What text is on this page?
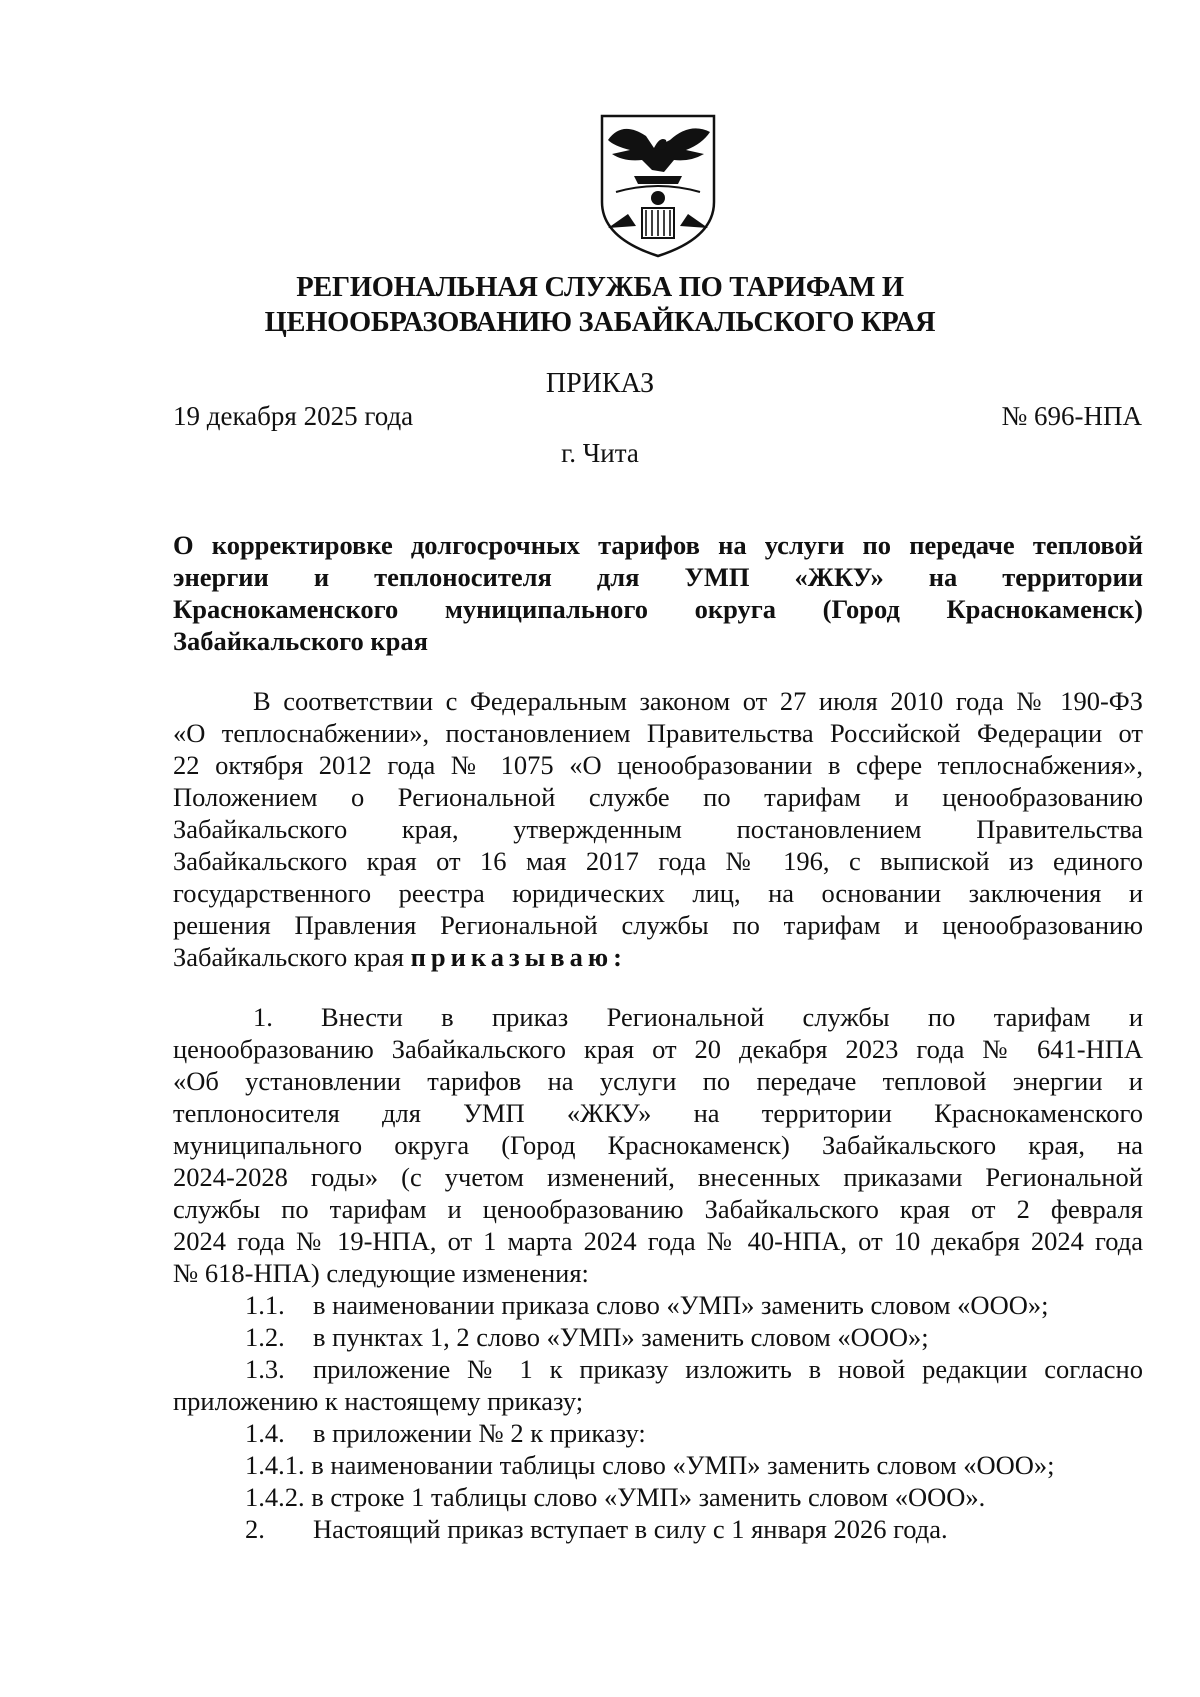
РЕГИОНАЛЬНАЯ СЛУЖБА ПО ТАРИФАМ И
ЦЕНООБРАЗОВАНИЮ ЗАБАЙКАЛЬСКОГО КРАЯ
ПРИКАЗ
19 декабря 2025 года	№ 696-НПА
г. Чита
О корректировке долгосрочных тарифов на услуги по передаче тепловой
энергии и теплоносителя для УМП «ЖКУ» на территории
Краснокаменского муниципального округа (Город Краснокаменск)
Забайкальского края
В соответствии с Федеральным законом от 27 июля 2010 года № 190-ФЗ
«О теплоснабжении», постановлением Правительства Российской Федерации от
22 октября 2012 года № 1075 «О ценообразовании в сфере теплоснабжения»,
Положением о Региональной службе по тарифам и ценообразованию
Забайкальского края, утвержденным постановлением Правительства
Забайкальского края от 16 мая 2017 года № 196, с выпиской из единого
государственного реестра юридических лиц, на основании заключения и
решения Правления Региональной службы по тарифам и ценообразованию
Забайкальского края приказываю:
1. Внести в приказ Региональной службы по тарифам и
ценообразованию Забайкальского края от 20 декабря 2023 года № 641-НПА
«Об установлении тарифов на услуги по передаче тепловой энергии и
теплоносителя для УМП «ЖКУ» на территории Краснокаменского
муниципального округа (Город Краснокаменск) Забайкальского края, на
2024-2028 годы» (с учетом изменений, внесенных приказами Региональной
службы по тарифам и ценообразованию Забайкальского края от 2 февраля
2024 года № 19-НПА, от 1 марта 2024 года № 40-НПА, от 10 декабря 2024 года
№ 618-НПА) следующие изменения:
1.1. в наименовании приказа слово «УМП» заменить словом «ООО»;
1.2. в пунктах 1, 2 слово «УМП» заменить словом «ООО»;
1.3. приложение № 1 к приказу изложить в новой редакции согласно
приложению к настоящему приказу;
1.4. в приложении № 2 к приказу:
1.4.1. в наименовании таблицы слово «УМП» заменить словом «ООО»;
1.4.2. в строке 1 таблицы слово «УМП» заменить словом «ООО».
2. Настоящий приказ вступает в силу с 1 января 2026 года.
